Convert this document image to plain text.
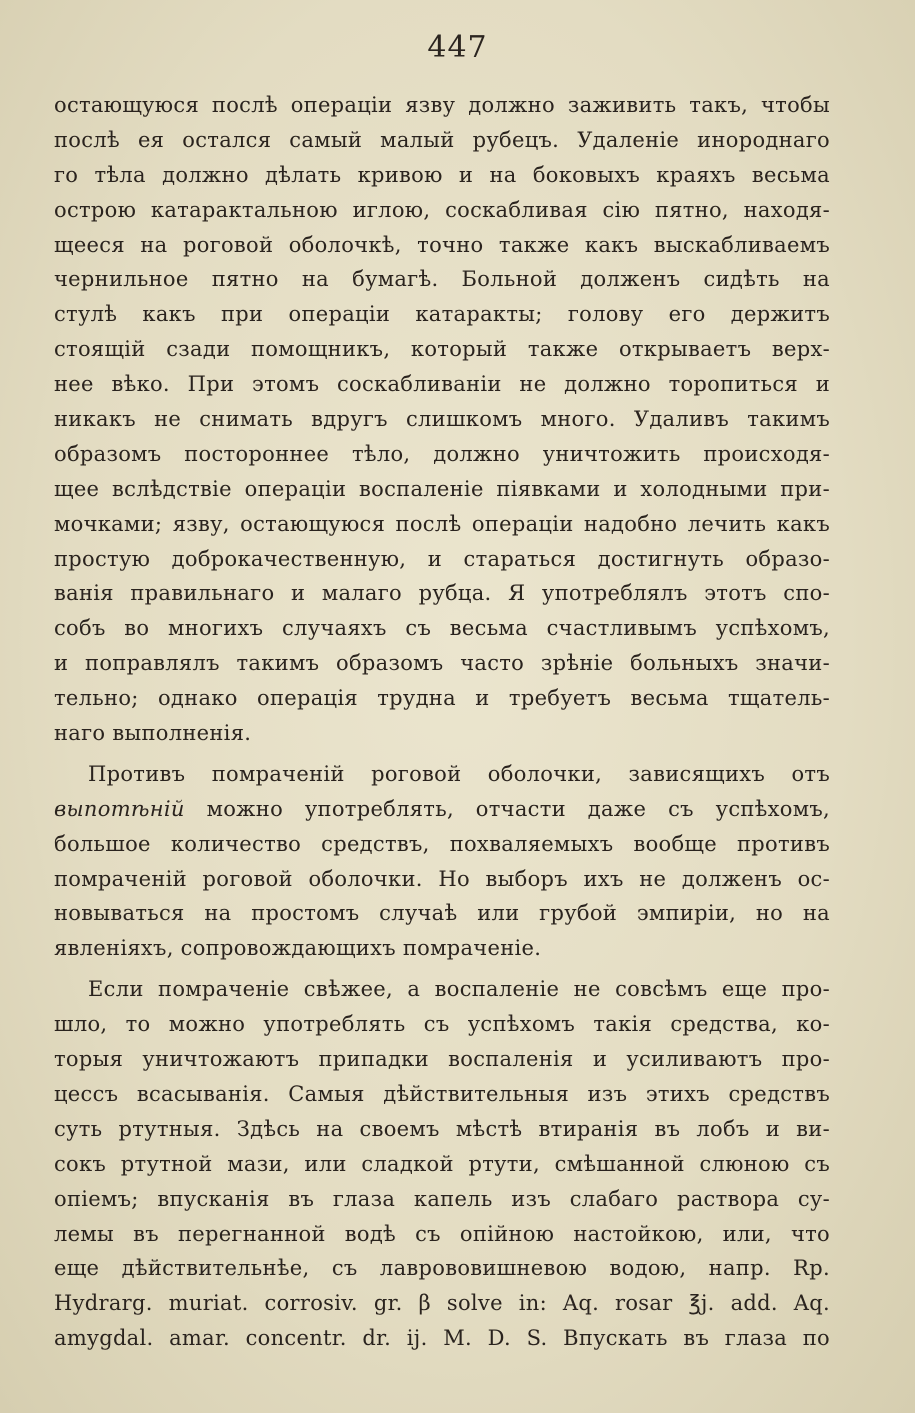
447
остающуюся послѣ операціи язву должно заживить такъ, чтобы
послѣ ея остался самый малый рубецъ. Удаленіе инороднаго
го тѣла должно дѣлать кривою и на боковыхъ краяхъ весьма
острою катарактальною иглою, соскабливая сію пятно, находя-
щееся на роговой оболочкѣ, точно также какъ выскабливаемъ
чернильное пятно на бумагѣ. Больной долженъ сидѣть на
стулѣ какъ при операціи катаракты; голову его держитъ
стоящій сзади помощникъ, который также открываетъ верх-
нее вѣко. При этомъ соскабливаніи не должно торопиться и
никакъ не снимать вдругъ слишкомъ много. Удаливъ такимъ
образомъ постороннее тѣло, должно уничтожить происходя-
щее вслѣдствіе операціи воспаленіе піявками и холодными при-
мочками; язву, остающуюся послѣ операціи надобно лечить какъ
простую доброкачественную, и стараться достигнуть образо-
ванія правильнаго и малаго рубца. Я употреблялъ этотъ спо-
собъ во многихъ случаяхъ съ весьма счастливымъ успѣхомъ,
и поправлялъ такимъ образомъ часто зрѣніе больныхъ значи-
тельно; однако операція трудна и требуетъ весьма тщатель-
наго выполненія.
Противъ помраченій роговой оболочки, зависящихъ отъ
выпотѣній можно употреблять, отчасти даже съ успѣхомъ,
большое количество средствъ, похваляемыхъ вообще противъ
помраченій роговой оболочки. Но выборъ ихъ не долженъ ос-
новываться на простомъ случаѣ или грубой эмпиріи, но на
явленіяхъ, сопровождающихъ помраченіе.
Если помраченіе свѣжее, а воспаленіе не совсѣмъ еще про-
шло, то можно употреблять съ успѣхомъ такія средства, ко-
торыя уничтожаютъ припадки воспаленія и усиливаютъ про-
цессъ всасыванія. Самыя дѣйствительныя изъ этихъ средствъ
суть ртутныя. Здѣсь на своемъ мѣстѣ втиранія въ лобъ и ви-
сокъ ртутной мази, или сладкой ртути, смѣшанной слюною съ
опіемъ; впусканія въ глаза капель изъ слабаго раствора су-
лемы въ перегнанной водѣ съ опійною настойкою, или, что
еще дѣйствительнѣе, съ лаврововишневою водою, напр. Rp.
Hydrarg. muriat. corrosiv. gr. β solve in: Aq. rosar ℥j. add. Aq.
amygdal. amar. concentr. dr. ij. M. D. S. Впускать въ глаза по
